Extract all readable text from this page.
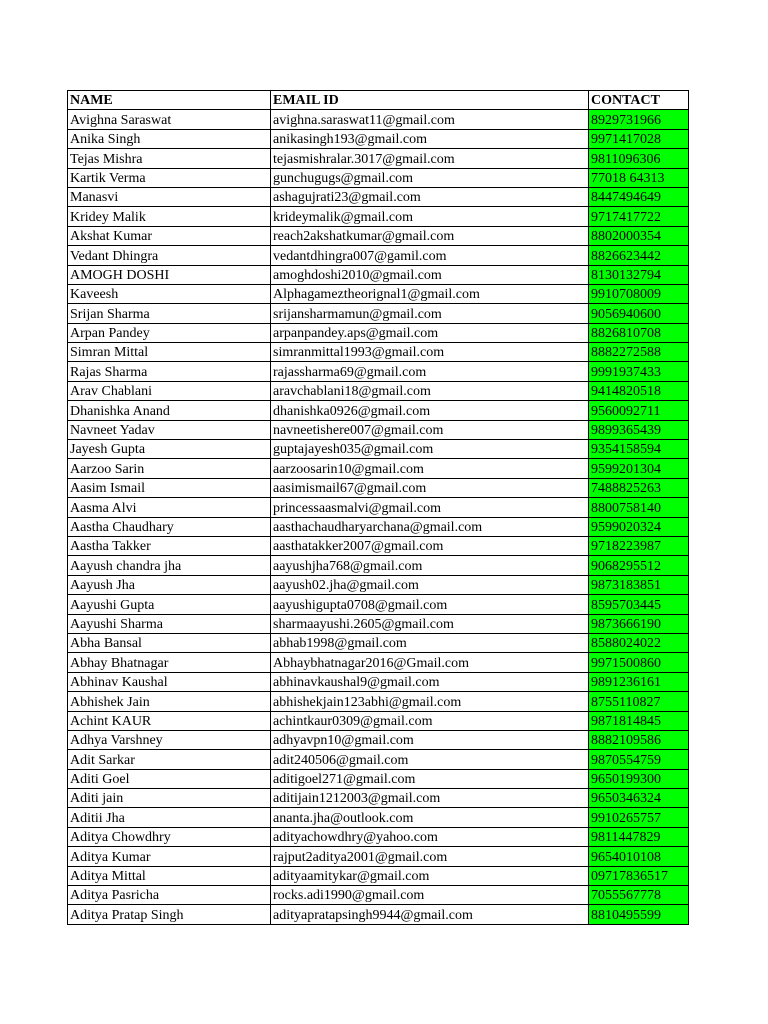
NAME	EMAIL ID	CONTACT
Avighna Saraswat	avighna.saraswat11@gmail.com	8929731966
Anika Singh	anikasingh193@gmail.com	9971417028
Tejas Mishra	tejasmishralar.3017@gmail.com	9811096306
Kartik Verma	gunchugugs@gmail.com	77018 64313
Manasvi	ashagujrati23@gmail.com	8447494649
Kridey Malik	krideymalik@gmail.com	9717417722
Akshat Kumar	reach2akshatkumar@gmail.com	8802000354
Vedant Dhingra	vedantdhingra007@gamil.com	8826623442
AMOGH DOSHI	amoghdoshi2010@gmail.com	8130132794
Kaveesh	Alphagameztheorignal1@gmail.com	9910708009
Srijan Sharma	srijansharmamun@gmail.com	9056940600
Arpan Pandey	arpanpandey.aps@gmail.com	8826810708
Simran Mittal	simranmittal1993@gmail.com	8882272588
Rajas Sharma	rajassharma69@gmail.com	9991937433
Arav Chablani	aravchablani18@gmail.com	9414820518
Dhanishka Anand	dhanishka0926@gmail.com	9560092711
Navneet Yadav	navneetishere007@gmail.com	9899365439
Jayesh Gupta	guptajayesh035@gmail.com	9354158594
Aarzoo Sarin	aarzoosarin10@gmail.com	9599201304
Aasim Ismail	aasimismail67@gmail.com	7488825263
Aasma Alvi	princessaasmalvi@gmail.com	8800758140
Aastha Chaudhary	aasthachaudharyarchana@gmail.com	9599020324
Aastha Takker	aasthatakker2007@gmail.com	9718223987
Aayush chandra jha	aayushjha768@gmail.com	9068295512
Aayush Jha	aayush02.jha@gmail.com	9873183851
Aayushi Gupta	aayushigupta0708@gmail.com	8595703445
Aayushi Sharma	sharmaayushi.2605@gmail.com	9873666190
Abha Bansal	abhab1998@gmail.com	8588024022
Abhay Bhatnagar	Abhaybhatnagar2016@Gmail.com	9971500860
Abhinav Kaushal	abhinavkaushal9@gmail.com	9891236161
Abhishek Jain	abhishekjain123abhi@gmail.com	8755110827
Achint KAUR	achintkaur0309@gmail.com	9871814845
Adhya Varshney	adhyavpn10@gmail.com	8882109586
Adit Sarkar	adit240506@gmail.com	9870554759
Aditi Goel	aditigoel271@gmail.com	9650199300
Aditi jain	aditijain1212003@gmail.com	9650346324
Aditii Jha	ananta.jha@outlook.com	9910265757
Aditya Chowdhry	adityachowdhry@yahoo.com	9811447829
Aditya Kumar	rajput2aditya2001@gmail.com	9654010108
Aditya Mittal	adityaamitykar@gmail.com	09717836517
Aditya Pasricha	rocks.adi1990@gmail.com	7055567778
Aditya Pratap Singh	adityapratapsingh9944@gmail.com	8810495599
